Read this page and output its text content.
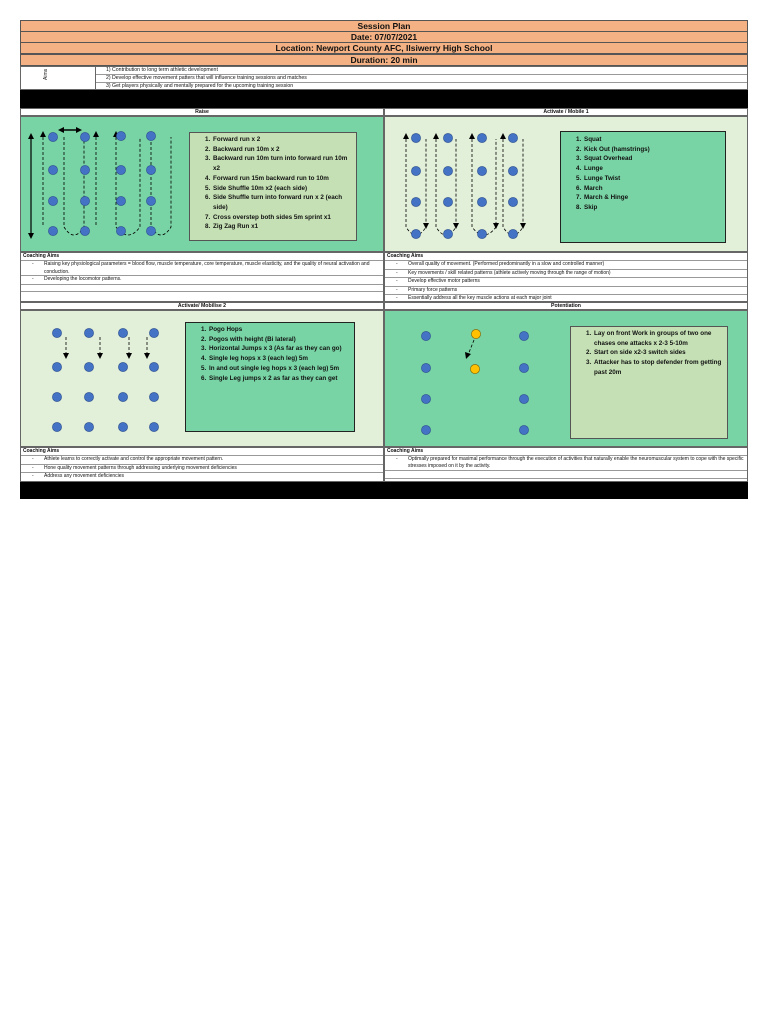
Session Plan
Date: 07/07/2021
Location: Newport County AFC, Ilsiwerry High School
Duration: 20 min
Aims	1) Contribution to long term athletic development
2) Develop effective movement patters that will influence training sessions and matches
3) Get players physically and mentally prepared for the upcoming training session
Raise	Activate / Mobile 1
1. Forward run x 2
2. Backward run 10m x 2
3. Backward run 10m turn into forward run 10m x2
4. Forward run 15m backward run to 10m
5. Side Shuffle 10m x2 (each side)
6. Side Shuffle turn into forward run x 2 (each side)
7. Cross overstep both sides 5m sprint x1
8. Zig Zag Run x1
1. Squat
2. Kick Out (hamstrings)
3. Squat Overhead
4. Lunge
5. Lunge Twist
6. March
7. March & Hinge
8. Skip
Coaching Aims
-	Raising key physiological parameters = blood flow, muscle temperature, core temperature, muscle elasticity, and the quality of neural activation and conduction.
-	Developing the locomotor patterns.
Coaching Aims
-	Overall quality of movement. (Performed predominantly in a slow and controlled manner)
-	Key movements / skill related patterns (athlete actively moving through the range of motion)
-	Develop effective motor patterns
-	Primary force patterns
-	Essentially address all the key muscle actions at each major joint
Activate/ Mobilise 2	Potentiation
1. Pogo Hops
2. Pogos with height (Bi lateral)
3. Horizontal Jumps x 3 (As far as they can go)
4. Single leg hops x 3 (each leg) 5m
5. In and out single leg hops x 3 (each leg) 5m
6. Single Leg jumps x 2 as far as they can get
1. Lay on front Work in groups of two one chases one attacks x 2-3 5-10m
2. Start on side x2-3 switch sides
3. Attacker has to stop defender from getting past 20m
Coaching Aims
-	Athlete learns to correctly activate and control the appropriate movement pattern.
-	Hone quality movement patterns through addressing underlying movement deficiencies
-	Address any movement deficiencies
Coaching Aims
-	Optimally prepared for maximal performance through the execution of activities that naturally enable the neuromuscular system to cope with the specific stresses imposed on it by the activity.
